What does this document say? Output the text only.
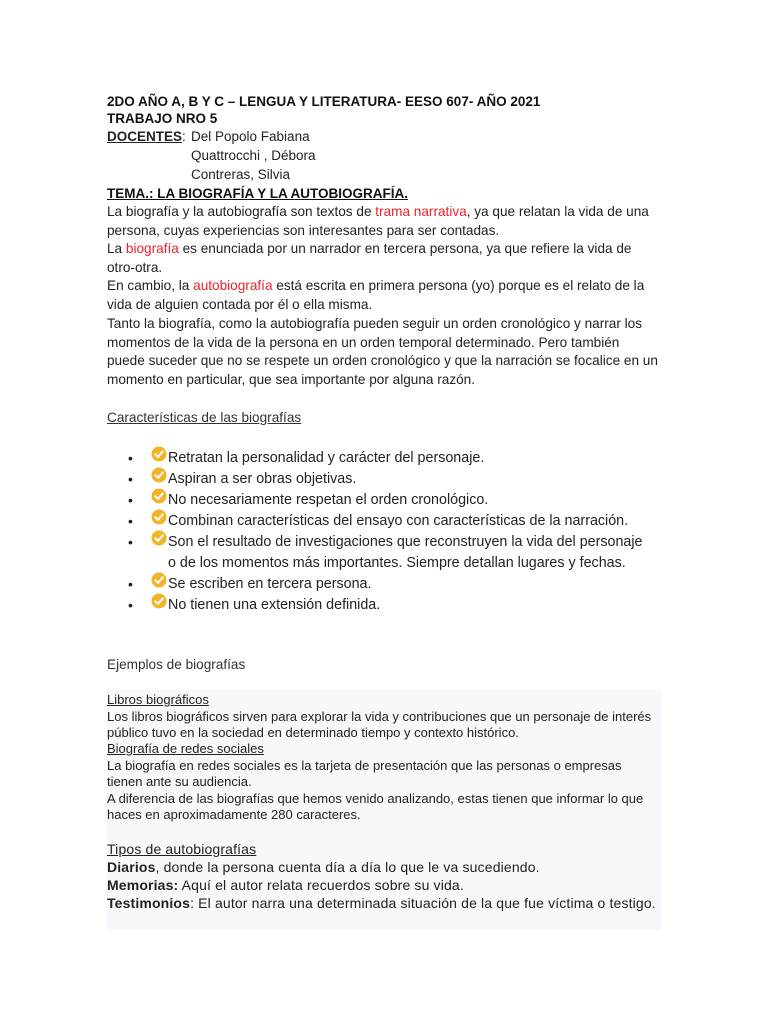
2DO AÑO A, B Y C – LENGUA Y LITERATURA- EESO 607- AÑO 2021
TRABAJO NRO 5
DOCENTES: Del Popolo Fabiana
Quattrocchi , Débora
Contreras, Silvia
TEMA.: LA BIOGRAFÍA Y LA AUTOBIOGRAFÍA.
La biografía y la autobiografía son textos de trama narrativa, ya que relatan la vida de una persona, cuyas experiencias son interesantes para ser contadas.
La biografía es enunciada por un narrador en tercera persona, ya que refiere la vida de otro-otra.
En cambio, la autobiografía está escrita en primera persona (yo) porque es el relato de la vida de alguien contada por él o ella misma.
Tanto la biografía, como la autobiografía pueden seguir un orden cronológico y narrar los momentos de la vida de la persona en un orden temporal determinado. Pero también puede suceder que no se respete un orden cronológico y que la narración se focalice en un momento en particular, que sea importante por alguna razón.
Características de las biografías
•	Retratan la personalidad y carácter del personaje.
•	Aspiran a ser obras objetivas.
•	No necesariamente respetan el orden cronológico.
•	Combinan características del ensayo con características de la narración.
•	Son el resultado de investigaciones que reconstruyen la vida del personaje o de los momentos más importantes. Siempre detallan lugares y fechas.
•	Se escriben en tercera persona.
•	No tienen una extensión definida.
Ejemplos de biografías
Libros biográficos
Los libros biográficos sirven para explorar la vida y contribuciones que un personaje de interés público tuvo en la sociedad en determinado tiempo y contexto histórico.
Biografía de redes sociales
La biografía en redes sociales es la tarjeta de presentación que las personas o empresas tienen ante su audiencia.
A diferencia de las biografías que hemos venido analizando, estas tienen que informar lo que haces en aproximadamente 280 caracteres.
Tipos de autobiografías
Diarios, donde la persona cuenta día a día lo que le va sucediendo.
Memorias: Aquí el autor relata recuerdos sobre su vida.
Testimonios: El autor narra una determinada situación de la que fue víctima o testigo.
